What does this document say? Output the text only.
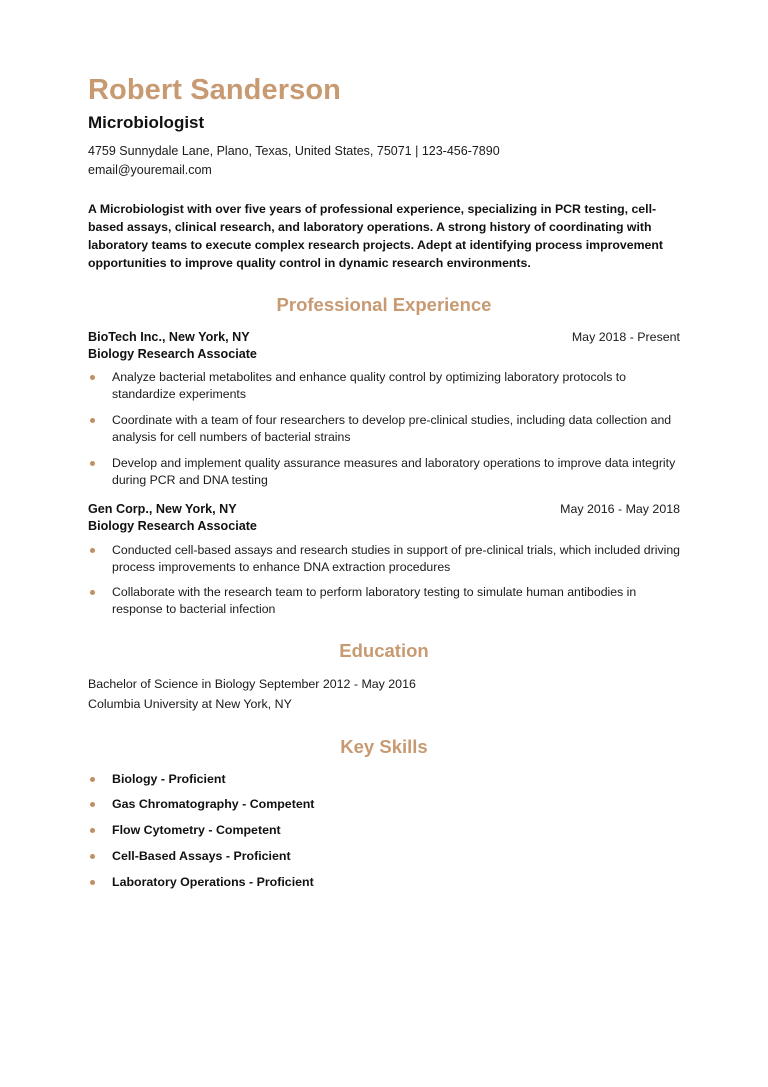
Robert Sanderson
Microbiologist
4759 Sunnydale Lane, Plano, Texas, United States, 75071 | 123-456-7890
email@youremail.com
A Microbiologist with over five years of professional experience, specializing in PCR testing, cell-based assays, clinical research, and laboratory operations. A strong history of coordinating with laboratory teams to execute complex research projects. Adept at identifying process improvement opportunities to improve quality control in dynamic research environments.
Professional Experience
BioTech Inc., New York, NY	May 2018 - Present
Biology Research Associate
Analyze bacterial metabolites and enhance quality control by optimizing laboratory protocols to standardize experiments
Coordinate with a team of four researchers to develop pre-clinical studies, including data collection and analysis for cell numbers of bacterial strains
Develop and implement quality assurance measures and laboratory operations to improve data integrity during PCR and DNA testing
Gen Corp., New York, NY	May 2016 - May 2018
Biology Research Associate
Conducted cell-based assays and research studies in support of pre-clinical trials, which included driving process improvements to enhance DNA extraction procedures
Collaborate with the research team to perform laboratory testing to simulate human antibodies in response to bacterial infection
Education
Bachelor of Science in Biology September 2012 - May 2016
Columbia University at New York, NY
Key Skills
Biology - Proficient
Gas Chromatography - Competent
Flow Cytometry - Competent
Cell-Based Assays - Proficient
Laboratory Operations - Proficient
